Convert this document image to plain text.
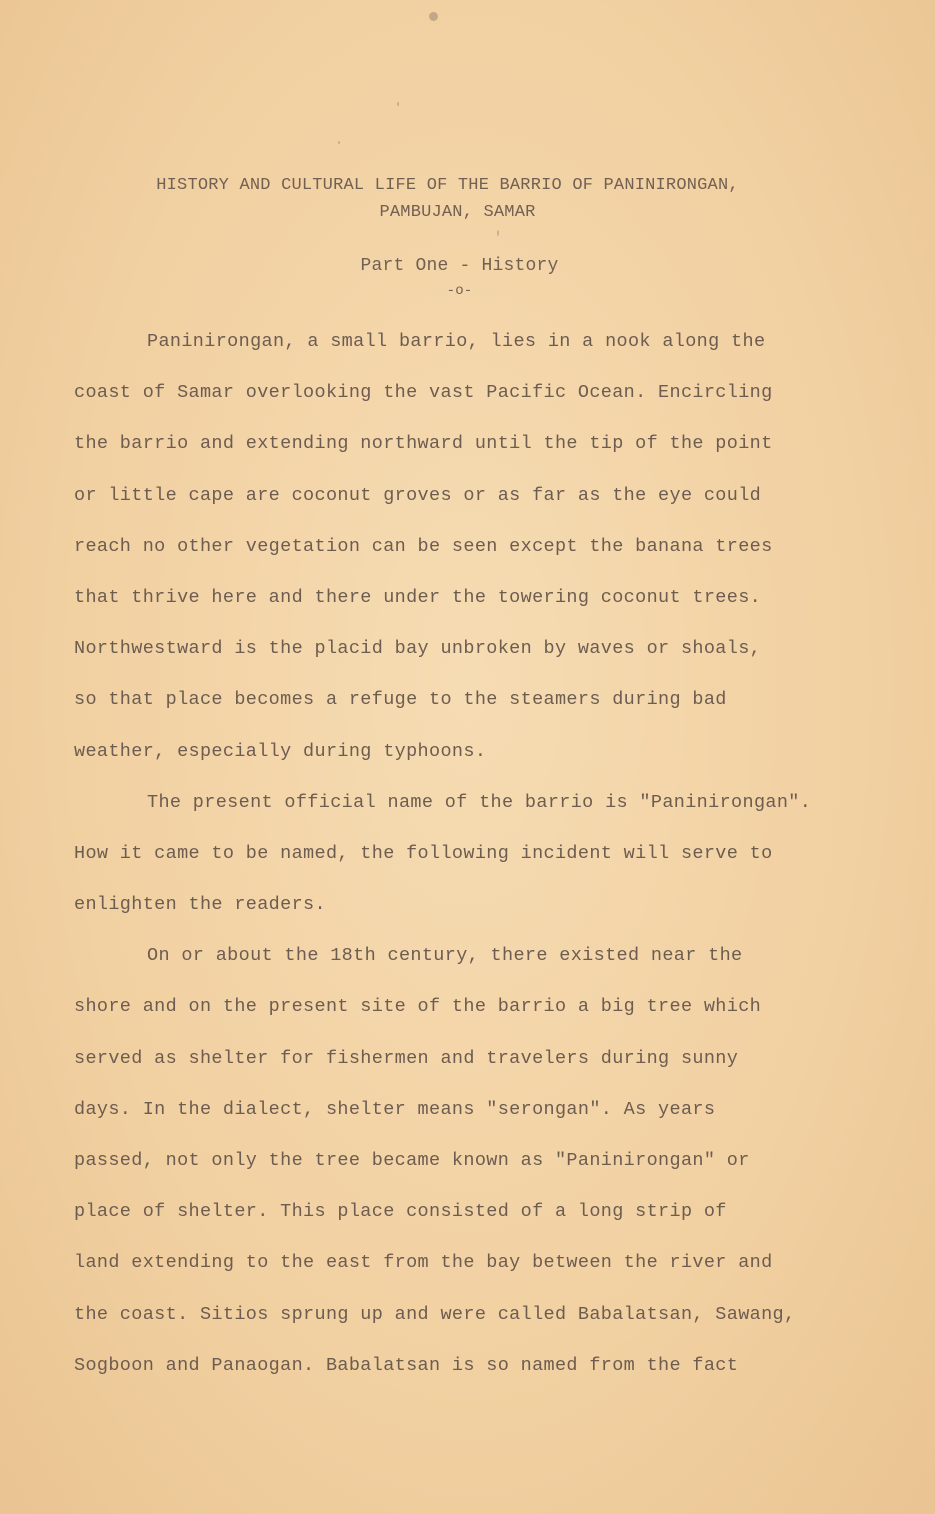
HISTORY AND CULTURAL LIFE OF THE BARRIO OF PANINIRONGAN,
PAMBUJAN, SAMAR
Part One - History
-o-
Paninirongan, a small barrio, lies in a nook along the
coast of Samar overlooking the vast Pacific Ocean. Encircling
the barrio and extending northward until the tip of the point
or little cape are coconut groves or as far as the eye could
reach no other vegetation can be seen except the banana trees
that thrive here and there under the towering coconut trees.
Northwestward is the placid bay unbroken by waves or shoals,
so that place becomes a refuge to the steamers during bad
weather, especially during typhoons.
The present official name of the barrio is "Paninirongan".
How it came to be named, the following incident will serve to
enlighten the readers.
On or about the 18th century, there existed near the
shore and on the present site of the barrio a big tree which
served as shelter for fishermen and travelers during sunny
days. In the dialect, shelter means "serongan". As years
passed, not only the tree became known as "Paninirongan" or
place of shelter. This place consisted of a long strip of
land extending to the east from the bay between the river and
the coast. Sitios sprung up and were called Babalatsan, Sawang,
Sogboon and Panaogan. Babalatsan is so named from the fact
